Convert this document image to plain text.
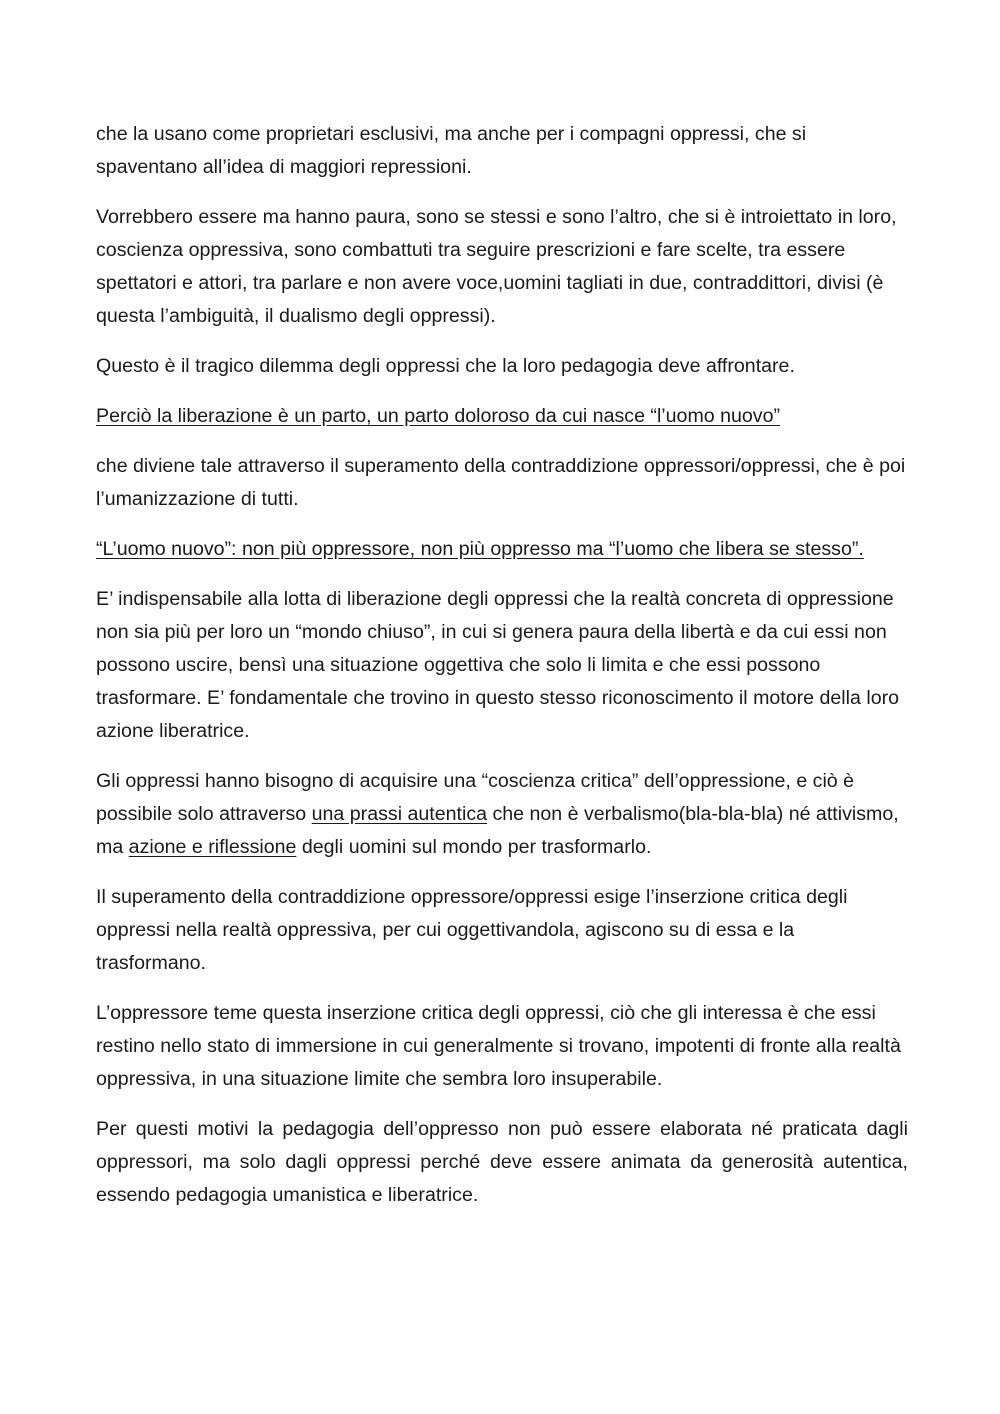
che la usano come proprietari esclusivi, ma anche per i compagni oppressi, che si spaventano all’idea di maggiori repressioni.

Vorrebbero essere ma hanno paura, sono se stessi e sono l’altro, che si è introiettato in loro, coscienza oppressiva, sono combattuti tra seguire prescrizioni e fare scelte, tra essere spettatori e attori, tra parlare e non avere voce,uomini tagliati in due, contraddittori, divisi (è questa l’ambiguità, il dualismo degli oppressi).

Questo è il tragico dilemma degli oppressi che la loro pedagogia deve affrontare.

Perciò la liberazione è un parto, un parto doloroso da cui nasce “l’uomo nuovo”

che diviene tale attraverso il superamento della contraddizione oppressori/oppressi, che è poi l’umanizzazione di tutti.

“L’uomo nuovo”: non più oppressore, non più oppresso ma “l’uomo che libera se stesso”.

E’ indispensabile alla lotta di liberazione degli oppressi che la realtà concreta di oppressione non sia più per loro un “mondo chiuso”, in cui si genera paura della libertà e da cui essi non possono uscire, bensì una situazione oggettiva che solo li limita e che essi possono trasformare. E’ fondamentale che trovino in questo stesso riconoscimento il motore della loro azione liberatrice.

Gli oppressi hanno bisogno di acquisire una “coscienza critica” dell’oppressione, e ciò è possibile solo attraverso una prassi autentica che non è verbalismo(bla-bla-bla) né attivismo, ma azione e riflessione degli uomini sul mondo per trasformarlo.

Il superamento della contraddizione oppressore/oppressi esige l’inserzione critica degli oppressi nella realtà oppressiva, per cui oggettivandola, agiscono su di essa e la trasformano.

L’oppressore teme questa inserzione critica degli oppressi, ciò che gli interessa è che essi restino nello stato di immersione in cui generalmente si trovano, impotenti di fronte alla realtà oppressiva, in una situazione limite che sembra loro insuperabile.

Per questi motivi la pedagogia dell’oppresso non può essere elaborata né praticata dagli oppressori, ma solo dagli oppressi perché deve essere animata da generosità autentica, essendo pedagogia umanistica e liberatrice.
